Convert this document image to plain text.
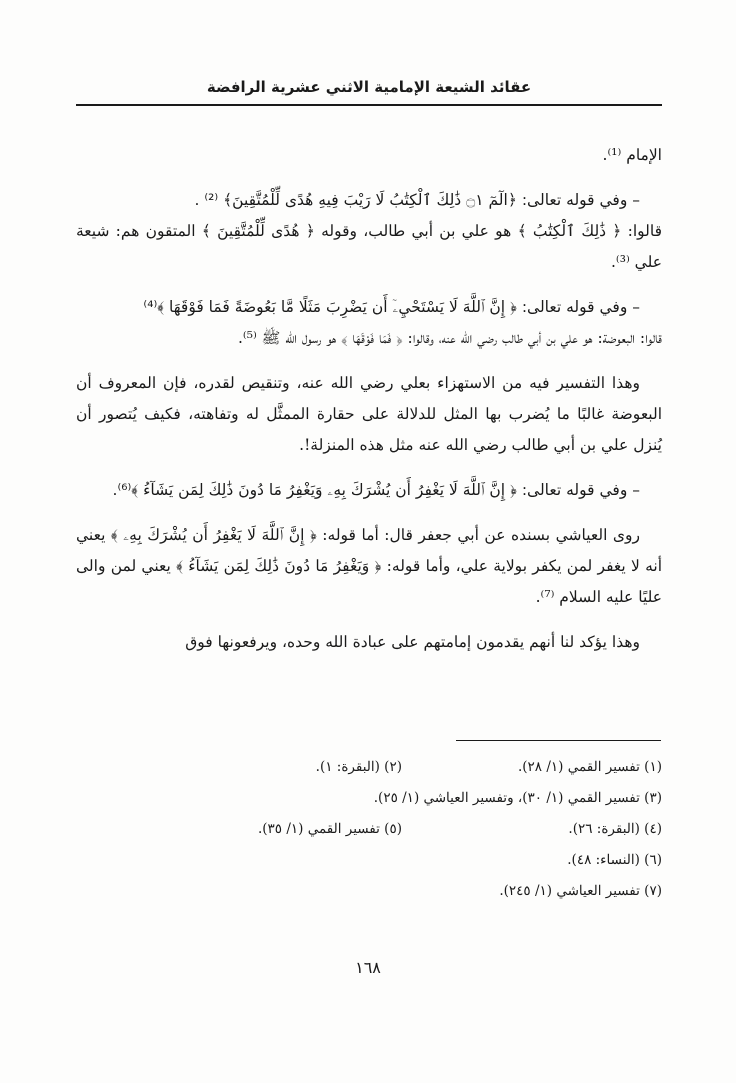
عقائد الشيعة الإمامية الاثني عشرية الرافضة

الإمام ⁽¹⁾.

– وفي قوله تعالى: ﴿الٓمٓ ۝١ ذَٰلِكَ ٱلْكِتَٰبُ لَا رَيْبَ فِيهِ هُدًى لِّلْمُتَّقِينَ﴾ ⁽²⁾ .

قالوا: ﴿ ذَٰلِكَ ٱلْكِتَٰبُ ﴾ هو علي بن أبي طالب، وقوله ﴿ هُدًى لِّلْمُتَّقِينَ ﴾ المتقون هم: شيعة علي ⁽³⁾.

– وفي قوله تعالى: ﴿ إِنَّ ٱللَّهَ لَا يَسْتَحْيِۦٓ أَن يَضْرِبَ مَثَلًا مَّا بَعُوضَةً فَمَا فَوْقَهَا ﴾⁽⁴⁾

قالوا: البعوضة: هو علي بن أبي طالب رضي الله عنه، وقالوا: ﴿ فَمَا فَوْقَهَا ﴾ هو رسول الله ﷺ ⁽⁵⁾.

وهذا التفسير فيه من الاستهزاء بعلي رضي الله عنه، وتنقيص لقدره، فإن المعروف أن البعوضة غالبًا ما يُضرب بها المثل للدلالة على حقارة الممثَّل له وتفاهته، فكيف يُتصور أن يُنزل علي بن أبي طالب رضي الله عنه مثل هذه المنزلة!.

– وفي قوله تعالى: ﴿ إِنَّ ٱللَّهَ لَا يَغْفِرُ أَن يُشْرَكَ بِهِۦ وَيَغْفِرُ مَا دُونَ ذَٰلِكَ لِمَن يَشَآءُ ﴾⁽⁶⁾.

روى العياشي بسنده عن أبي جعفر قال: أما قوله: ﴿ إِنَّ ٱللَّهَ لَا يَغْفِرُ أَن يُشْرَكَ بِهِۦ ﴾ يعني أنه لا يغفر لمن يكفر بولاية علي، وأما قوله: ﴿ وَيَغْفِرُ مَا دُونَ ذَٰلِكَ لِمَن يَشَآءُ ﴾ يعني لمن والى عليًا عليه السلام ⁽⁷⁾.

وهذا يؤكد لنا أنهم يقدمون إمامتهم على عبادة الله وحده، ويرفعونها فوق

(١) تفسير القمي (١/ ٢٨).
(٢) (البقرة: ١).
(٣) تفسير القمي (١/ ٣٠)، وتفسير العياشي (١/ ٢٥).
(٤) (البقرة: ٢٦).
(٥) تفسير القمي (١/ ٣٥).
(٦) (النساء: ٤٨).
(٧) تفسير العياشي (١/ ٢٤٥).
١٦٨
